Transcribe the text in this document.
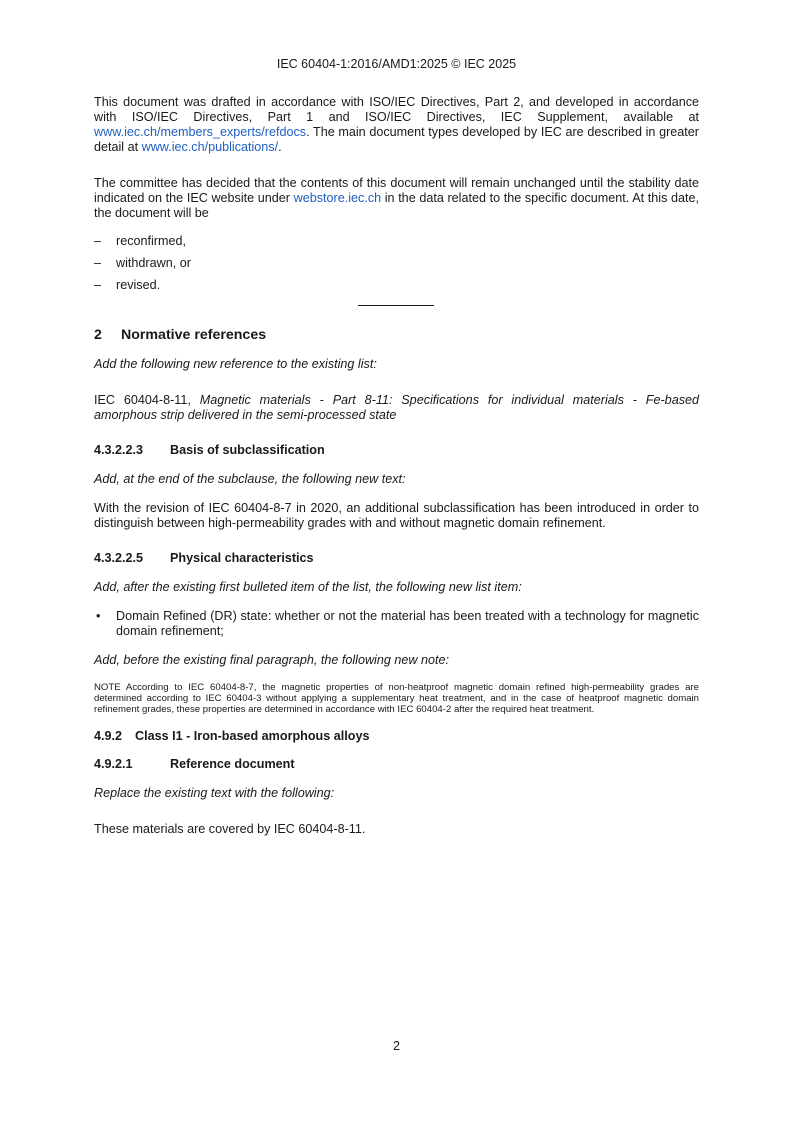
IEC 60404-1:2016/AMD1:2025 © IEC 2025

This document was drafted in accordance with ISO/IEC Directives, Part 2, and developed in accordance with ISO/IEC Directives, Part 1 and ISO/IEC Directives, IEC Supplement, available at www.iec.ch/members_experts/refdocs. The main document types developed by IEC are described in greater detail at www.iec.ch/publications/.

The committee has decided that the contents of this document will remain unchanged until the stability date indicated on the IEC website under webstore.iec.ch in the data related to the specific document. At this date, the document will be

– reconfirmed,
– withdrawn, or
– revised.

2 Normative references

Add the following new reference to the existing list:

IEC 60404-8-11, Magnetic materials - Part 8-11: Specifications for individual materials - Fe-based amorphous strip delivered in the semi-processed state

4.3.2.2.3 Basis of subclassification

Add, at the end of the subclause, the following new text:

With the revision of IEC 60404-8-7 in 2020, an additional subclassification has been introduced in order to distinguish between high-permeability grades with and without magnetic domain refinement.

4.3.2.2.5 Physical characteristics

Add, after the existing first bulleted item of the list, the following new list item:

• Domain Refined (DR) state: whether or not the material has been treated with a technology for magnetic domain refinement;

Add, before the existing final paragraph, the following new note:

NOTE According to IEC 60404-8-7, the magnetic properties of non-heatproof magnetic domain refined high-permeability grades are determined according to IEC 60404-3 without applying a supplementary heat treatment, and in the case of heatproof magnetic domain refinement grades, these properties are determined in accordance with IEC 60404-2 after the required heat treatment.

4.9.2 Class I1 - Iron-based amorphous alloys

4.9.2.1	Reference document

Replace the existing text with the following:

These materials are covered by IEC 60404-8-11.

2
